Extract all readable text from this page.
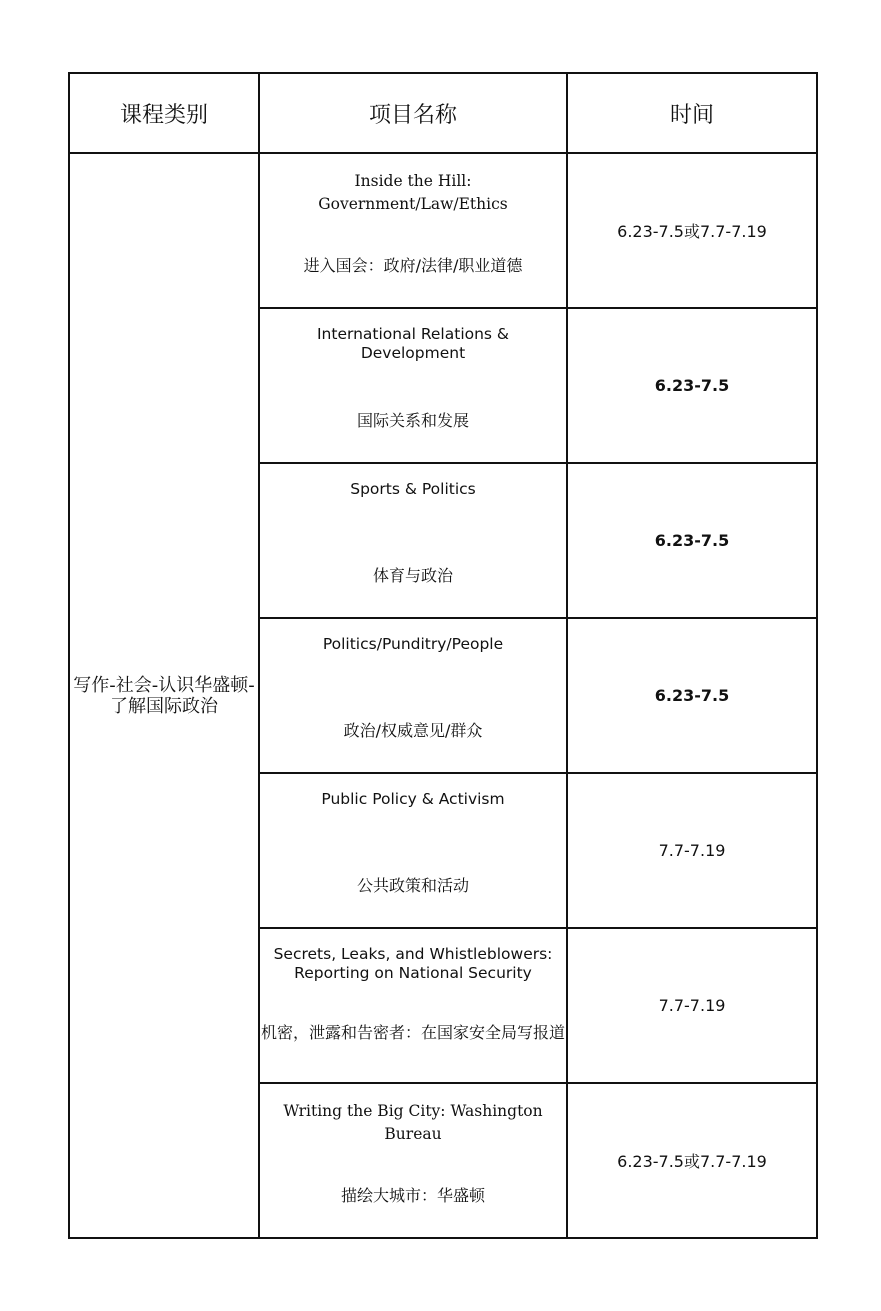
课程类别	项目名称	时间
写作-社会-认识华盛顿-了解国际政治	Inside the Hill: Government/Law/Ethics
进入国会：政府/法律/职业道德	6.23-7.5或7.7-7.19

	International Relations & Development
国际关系和发展	6.23-7.5

	Sports & Politics
体育与政治	6.23-7.5

	Politics/Punditry/People
政治/权威意见/群众	6.23-7.5

	Public Policy & Activism
公共政策和活动	7.7-7.19

	Secrets, Leaks, and Whistleblowers: Reporting on National Security
机密，泄露和告密者：在国家安全局写报道	7.7-7.19

	Writing the Big City: Washington Bureau
描绘大城市：华盛顿	6.23-7.5或7.7-7.19
